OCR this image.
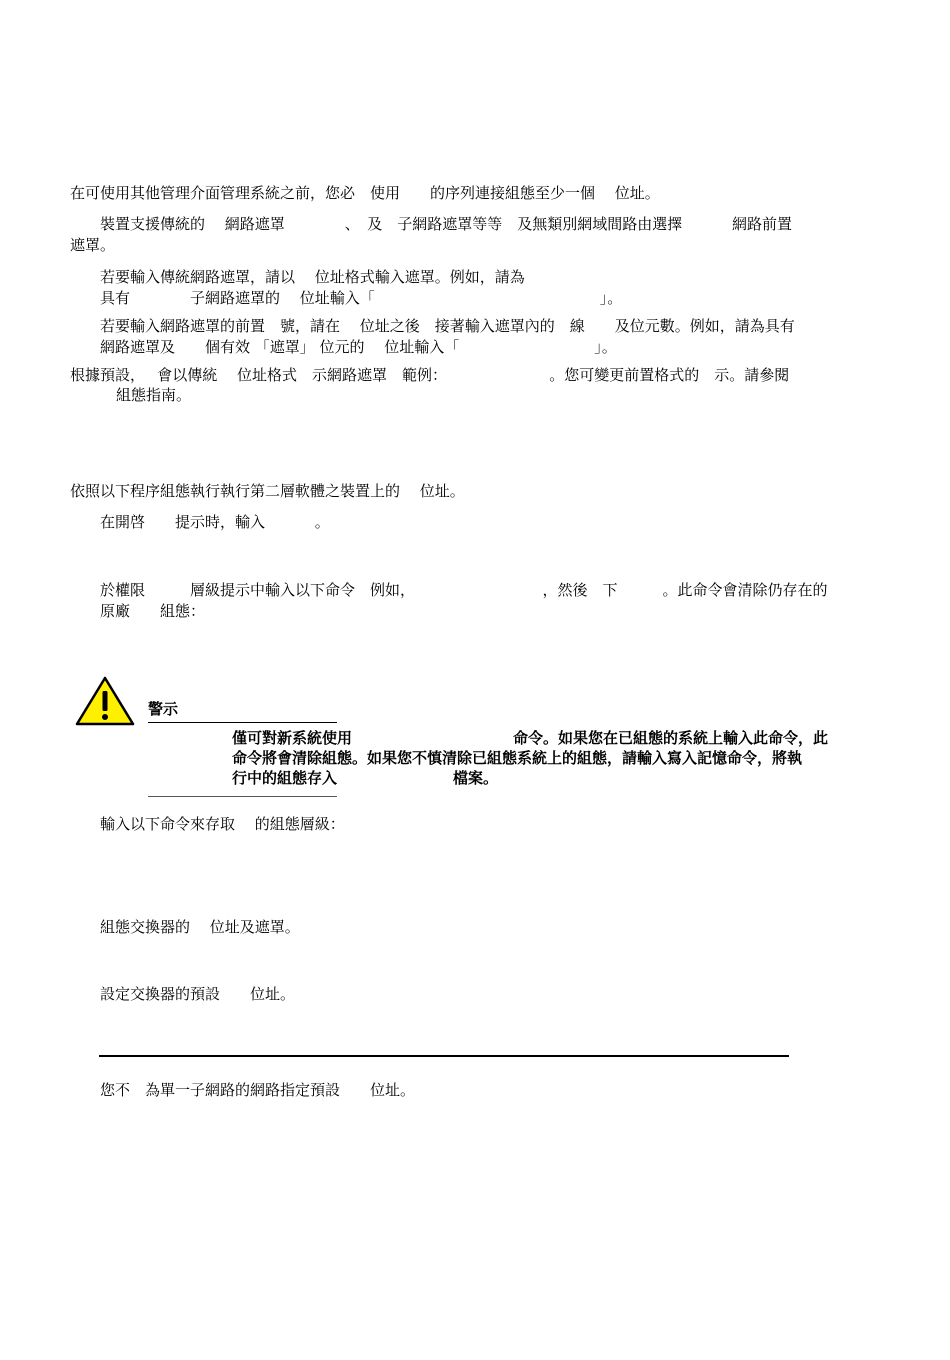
在可使用其他管理介面管理系統之前，您必　使用　　的序列連接組態至少一個　 位址。
　　裝置支援傳統的　 網路遮罩　　　　、　及　子網路遮罩等等　及無類別網域間路由選擇　　　 網路前置
遮罩。
若要輸入傳統網路遮罩，請以　 位址格式輸入遮罩。例如，請為
具有　　　　子網路遮罩的　 位址輸入「　　　　　　　　　　　　　　　」。
若要輸入網路遮罩的前置　號，請在　 位址之後　接著輸入遮罩內的　線　　及位元數。例如，請為具有
網路遮罩及　　個有效 「遮罩」 位元的　 位址輸入「　　　　　　　　　」。
根據預設，　 會以傳統　 位址格式　示網路遮罩　範例：　　　　　　　 。您可變更前置格式的　示。請參閱
組態指南。
依照以下程序組態執行執行第二層軟體之裝置上的　 位址。
在開啓　　提示時，輸入　　　 。
於權限　　　層級提示中輸入以下命令　例如，　　　　　　　　　，然後　下　　　。此命令會清除仍存在的
原廠　　組態：
警示
僅可對新系統使用	命令。如果您在已組態的系統上輸入此命令，此
命令將會清除組態。如果您不慎清除已組態系統上的組態，請輸入寫入記憶命令，將執
行中的組態存入	檔案。
輸入以下命令來存取　 的組態層級：
組態交換器的　 位址及遮罩。
設定交換器的預設　　位址。
您不　為單一子網路的網路指定預設　　位址。
